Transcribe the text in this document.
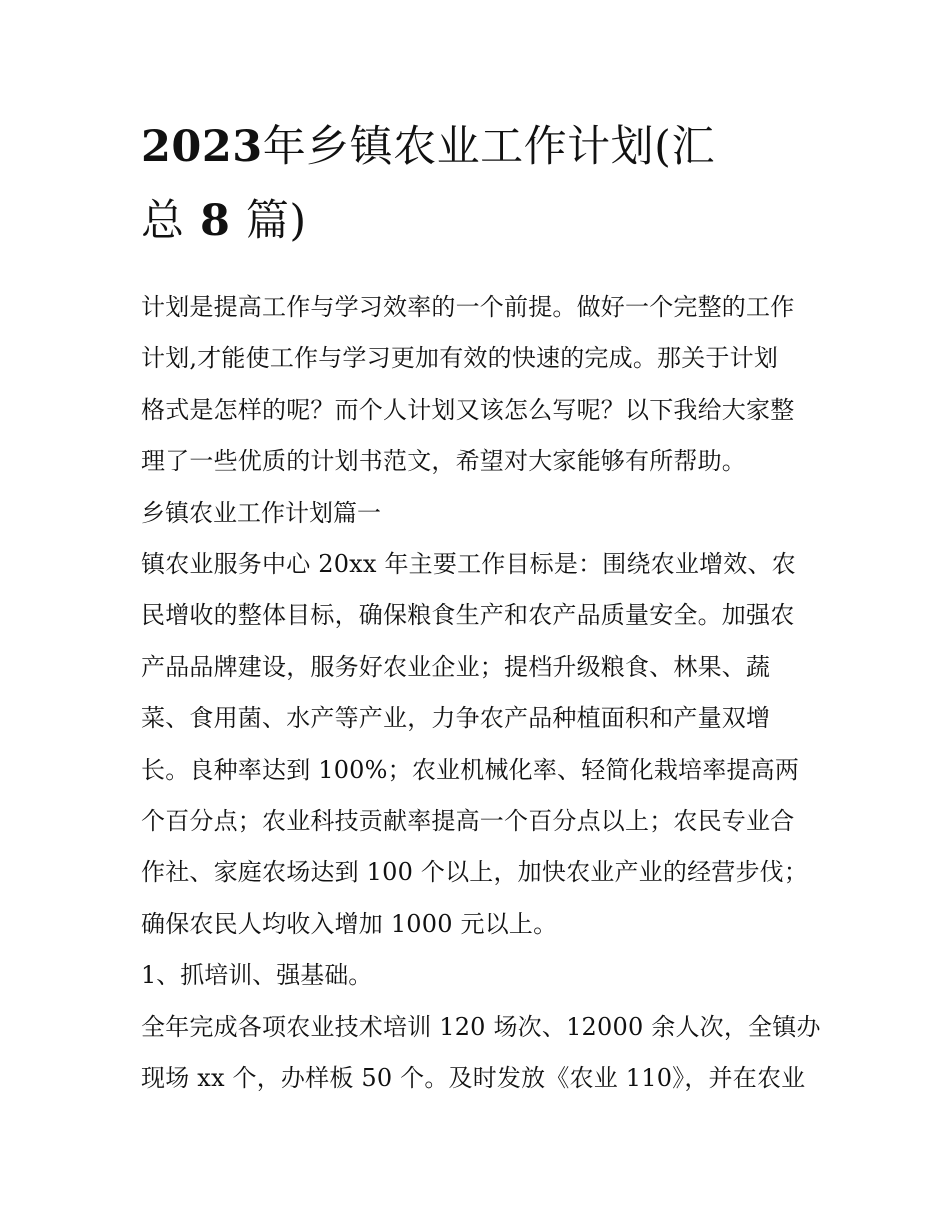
2023年乡镇农业工作计划(汇
总 8 篇)

计划是提高工作与学习效率的一个前提。做好一个完整的工作
计划,才能使工作与学习更加有效的快速的完成。那关于计划
格式是怎样的呢？而个人计划又该怎么写呢？以下我给大家整
理了一些优质的计划书范文，希望对大家能够有所帮助。

乡镇农业工作计划篇一

镇农业服务中心 20xx 年主要工作目标是：围绕农业增效、农
民增收的整体目标，确保粮食生产和农产品质量安全。加强农
产品品牌建设，服务好农业企业；提档升级粮食、林果、蔬
菜、食用菌、水产等产业，力争农产品种植面积和产量双增
长。良种率达到 100%；农业机械化率、轻简化栽培率提高两
个百分点；农业科技贡献率提高一个百分点以上；农民专业合
作社、家庭农场达到 100 个以上，加快农业产业的经营步伐；
确保农民人均收入增加 1000 元以上。

1、抓培训、强基础。

全年完成各项农业技术培训 120 场次、12000 余人次，全镇办
现场 xx 个，办样板 50 个。及时发放《农业 110》，并在农业
